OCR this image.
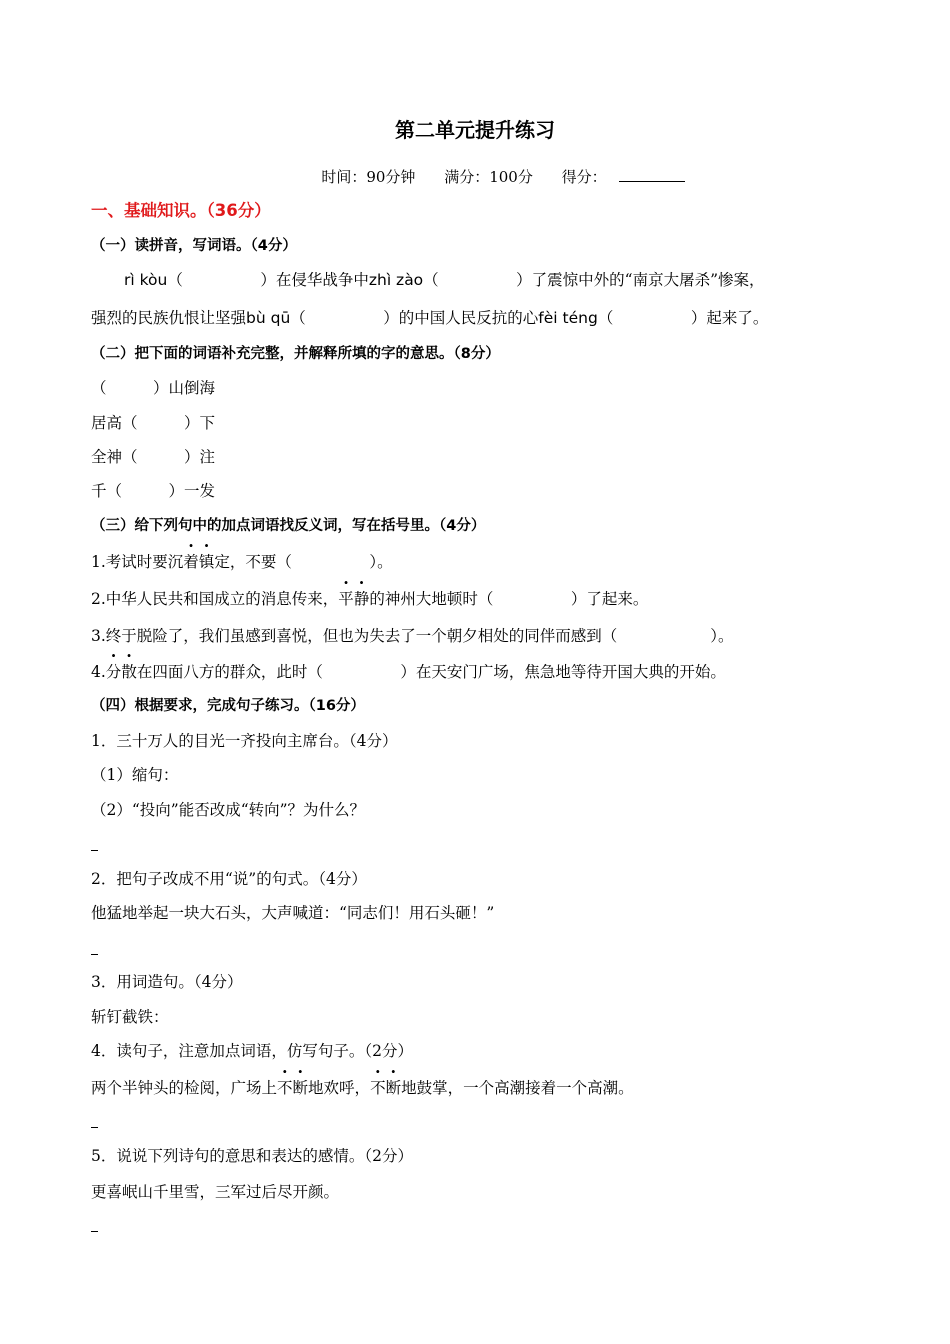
第二单元提升练习
时间：90分钟 满分：100分 得分：
一、基础知识。（36分）
（一）读拼音，写词语。（4分）
rì kòu（　　　　　）在侵华战争中zhì zào（　　　　　）了震惊中外的“南京大屠杀”惨案，
强烈的民族仇恨让坚强bù qū（　　　　　）的中国人民反抗的心fèi téng（　　　　　）起来了。
（二）把下面的词语补充完整，并解释所填的字的意思。（8分）
（　　　）山倒海
居高（　　　）下
全神（　　　）注
千（　　　）一发
（三）给下列句中的加点词语找反义词，写在括号里。（4分）
1.考试时要沉着镇定，不要（　　　　　）。
2.中华人民共和国成立的消息传来，平静的神州大地顿时（　　　　　）了起来。
3.终于脱险了，我们虽感到喜悦，但也为失去了一个朝夕相处的同伴而感到（　　　　　　）。
4.分散在四面八方的群众，此时（　　　　　）在天安门广场，焦急地等待开国大典的开始。
（四）根据要求，完成句子练习。（16分）
1．三十万人的目光一齐投向主席台。（4分）
（1）缩句：
（2）“投向”能否改成“转向”？为什么？
2．把句子改成不用“说”的句式。（4分）
他猛地举起一块大石头，大声喊道：“同志们！用石头砸！”
3．用词造句。（4分）
斩钉截铁：
4．读句子，注意加点词语，仿写句子。（2分）
两个半钟头的检阅，广场上不断地欢呼，不断地鼓掌，一个高潮接着一个高潮。
5．说说下列诗句的意思和表达的感情。（2分）
更喜岷山千里雪，三军过后尽开颜。
